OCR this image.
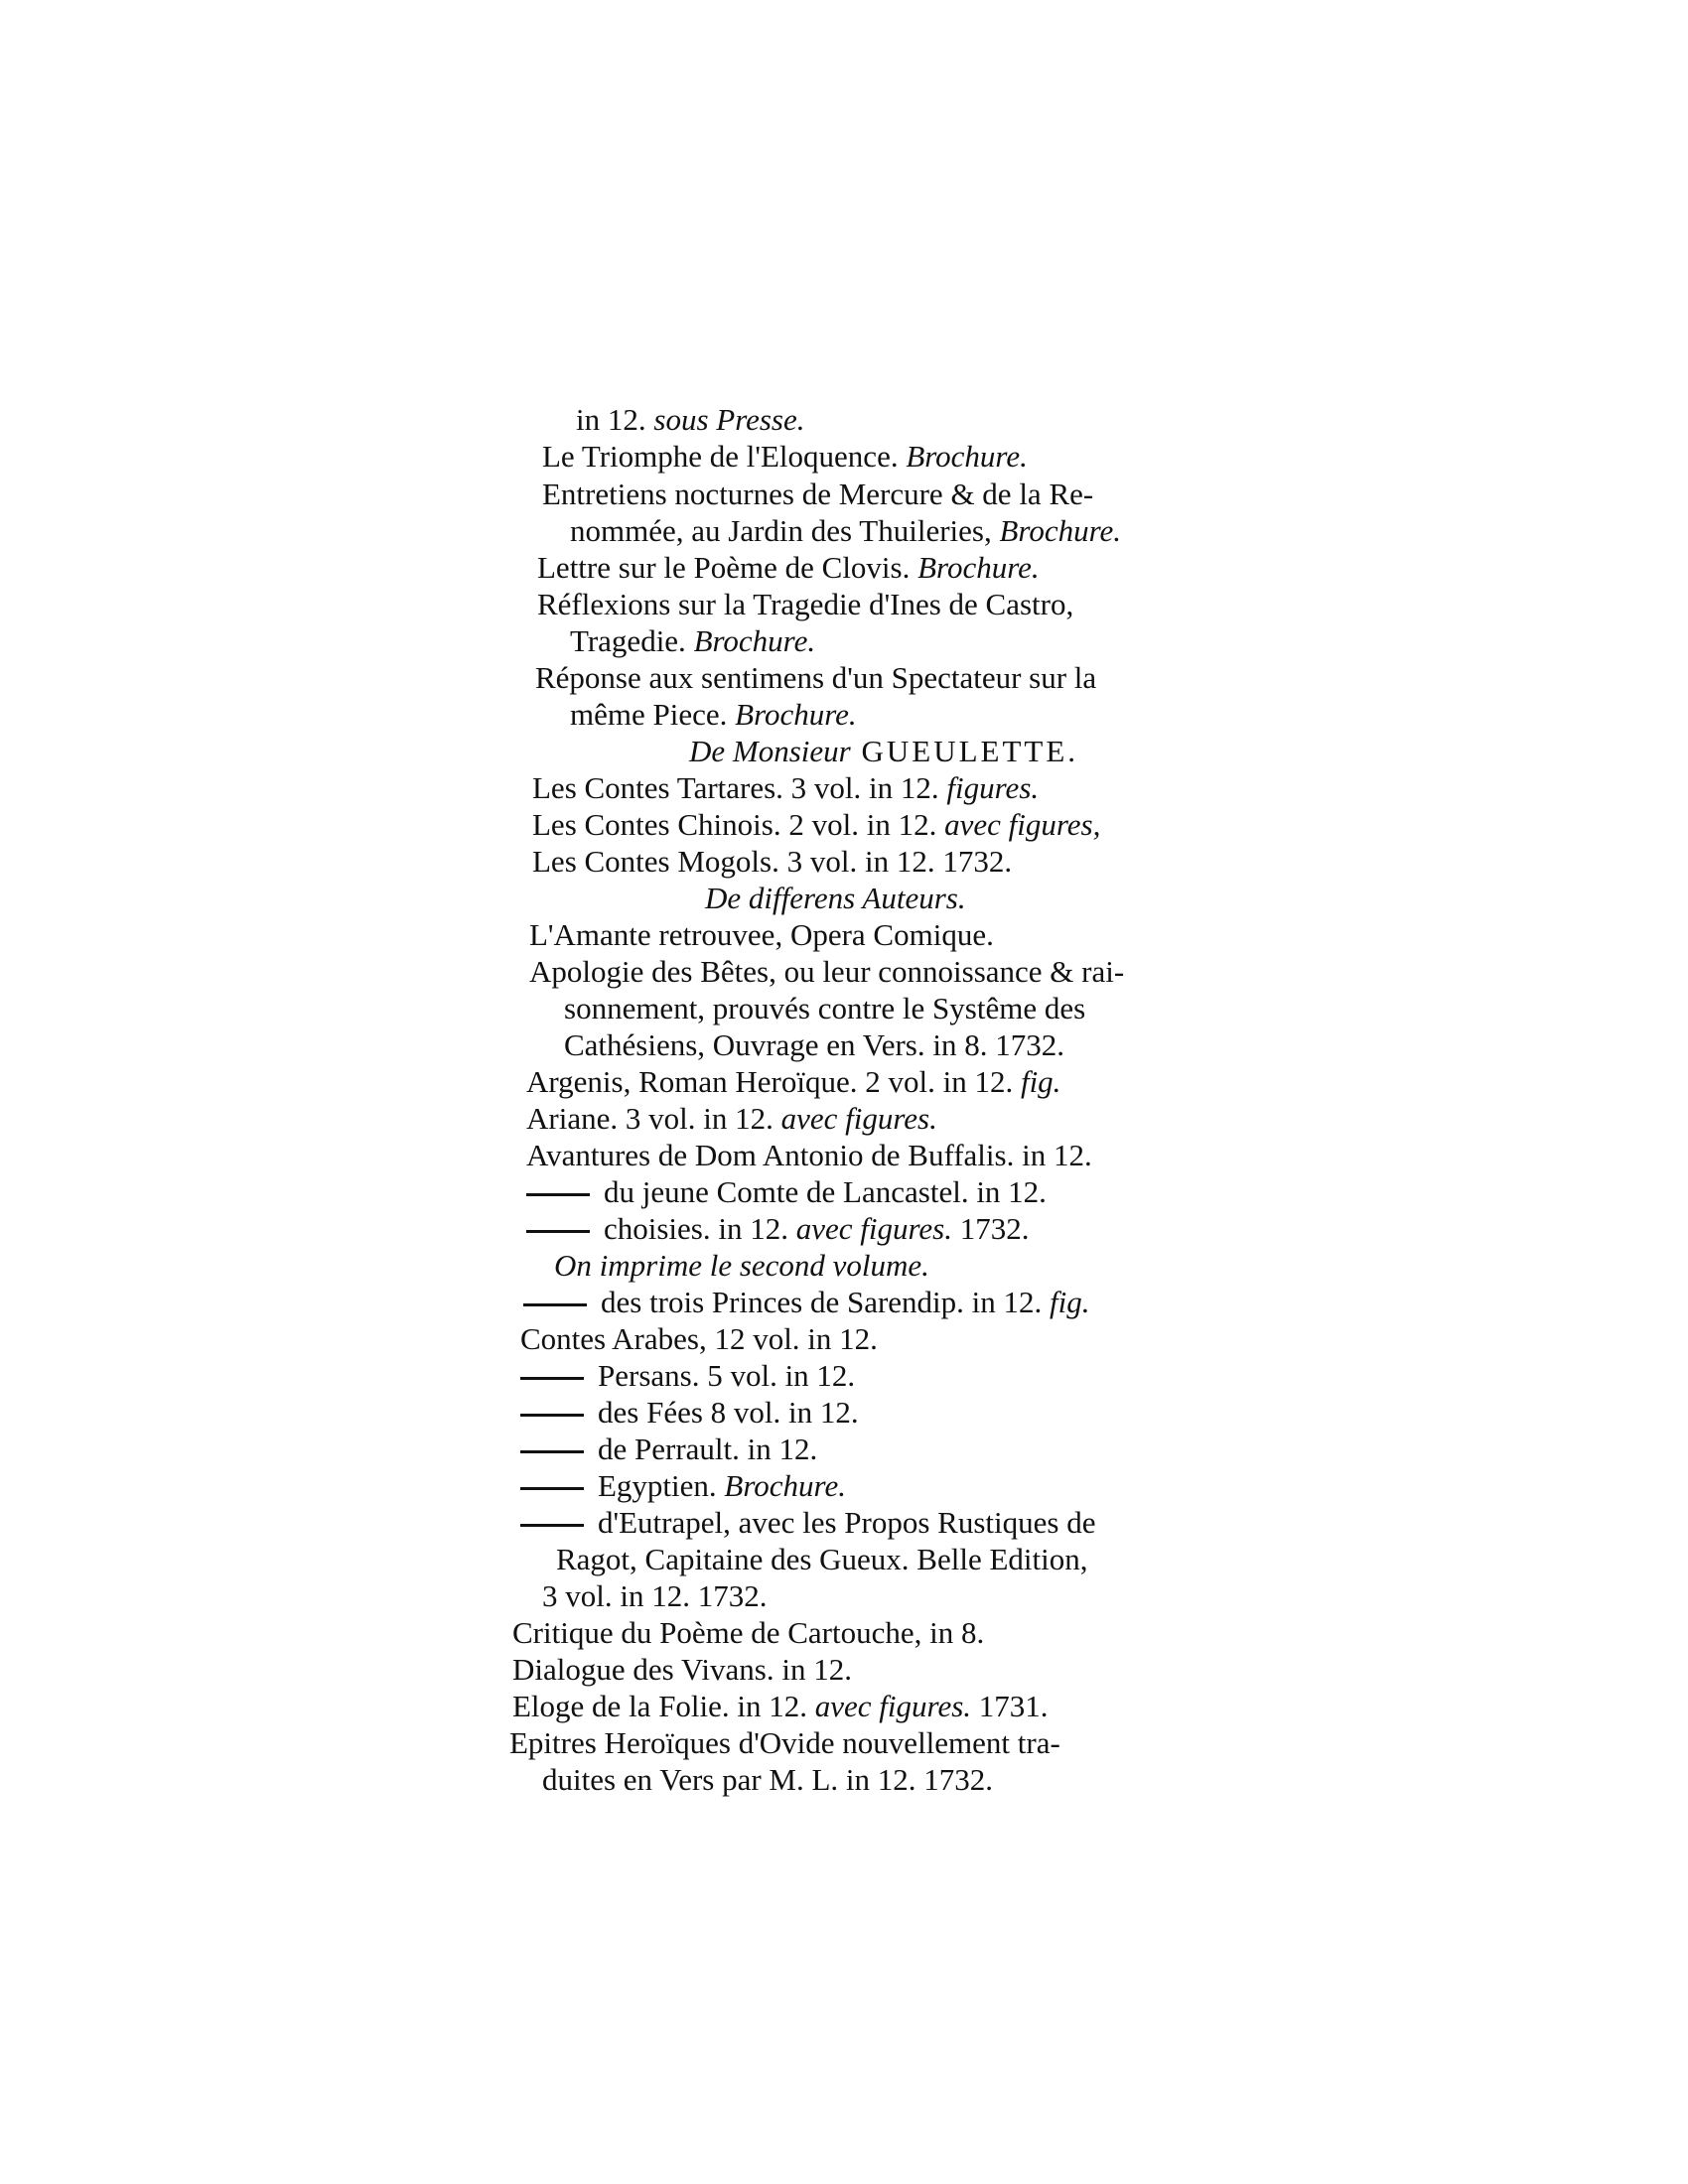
in 12. sous Presse.
Le Triomphe de l'Eloquence. Brochure.
Entretiens nocturnes de Mercure & de la Re-
nommée, au Jardin des Thuileries, Brochure.
Lettre sur le Poème de Clovis. Brochure.
Réflexions sur la Tragedie d'Ines de Castro,
Tragedie. Brochure.
Réponse aux sentimens d'un Spectateur sur la
même Piece. Brochure.
De Monsieur GUEULETTE.
Les Contes Tartares. 3 vol. in 12. figures.
Les Contes Chinois. 2 vol. in 12. avec figures,
Les Contes Mogols. 3 vol. in 12. 1732.
De differens Auteurs.
L'Amante retrouvee, Opera Comique.
Apologie des Bêtes, ou leur connoissance & rai-
sonnement, prouvés contre le Systême des
Cathésiens, Ouvrage en Vers. in 8. 1732.
Argenis, Roman Heroïque. 2 vol. in 12. fig.
Ariane. 3 vol. in 12. avec figures.
Avantures de Dom Antonio de Buffalis. in 12.
du jeune Comte de Lancastel. in 12.
choisies. in 12. avec figures. 1732.
On imprime le second volume.
des trois Princes de Sarendip. in 12. fig.
Contes Arabes, 12 vol. in 12.
Persans. 5 vol. in 12.
des Fées 8 vol. in 12.
de Perrault. in 12.
Egyptien. Brochure.
d'Eutrapel, avec les Propos Rustiques de
Ragot, Capitaine des Gueux. Belle Edition,
3 vol. in 12. 1732.
Critique du Poème de Cartouche, in 8.
Dialogue des Vivans. in 12.
Eloge de la Folie. in 12. avec figures. 1731.
Epitres Heroïques d'Ovide nouvellement tra-
duites en Vers par M. L. in 12. 1732.
